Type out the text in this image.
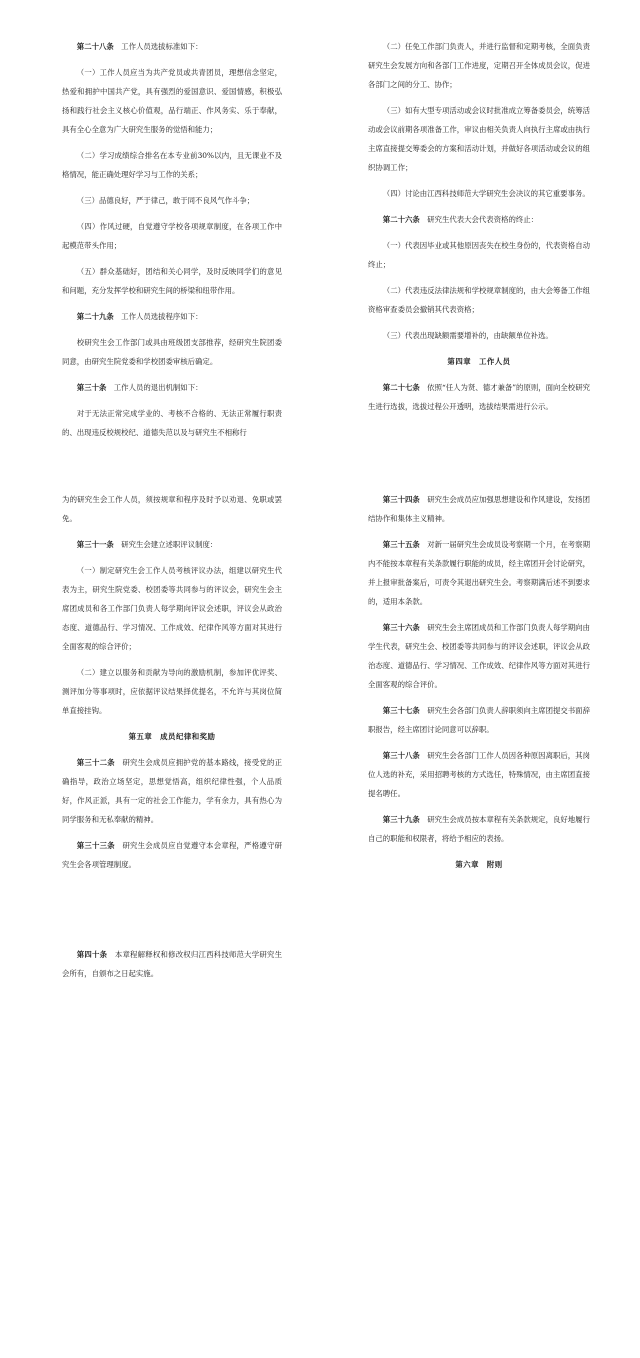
第二十八条　 工作人员选拔标准如下：

（一）工作人员应当为共产党员或共青团员，理想信念坚定，热爱和拥护中国共产党，具有强烈的爱国意识、爱国情感，积极弘扬和践行社会主义核心价值观，品行端正、作风务实、乐于奉献，具有全心全意为广大研究生服务的觉悟和能力；

（二）学习成绩综合排名在本专业前30%以内，且无课业不及格情况，能正确处理好学习与工作的关系；

（三）品德良好，严于律己，敢于同不良风气作斗争；

（四）作风过硬，自觉遵守学校各项规章制度，在各项工作中起模范带头作用；

（五）群众基础好，团结和关心同学，及时反映同学们的意见和问题，充分发挥学校和研究生间的桥梁和纽带作用。

第二十九条　 工作人员选拔程序如下：

校研究生会工作部门或具由班级团支部推荐，经研究生院团委同意，由研究生院党委和学校团委审核后确定。

第三十条　 工作人员的退出机制如下：

对于无法正常完成学业的、考核不合格的、无法正常履行职责的、出现违反校规校纪、道德失范以及与研究生不相称行

（二）任免工作部门负责人，并进行监督和定期考核，全面负责研究生会发展方向和各部门工作进度，定期召开全体成员会议，促进各部门之间的分工、协作；

（三）如有大型专项活动或会议时批准成立筹备委员会，统筹活动或会议前期各项准备工作，审议由相关负责人向执行主席或由执行主席直接提交筹委会的方案和活动计划，并做好各项活动或会议的组织协调工作；

（四）讨论由江西科技师范大学研究生会决议的其它重要事务。

第二十六条　 研究生代表大会代表资格的终止：

（一）代表因毕业或其他原因丧失在校生身份的，代表资格自动终止；

（二）代表违反法律法规和学校规章制度的，由大会筹备工作组资格审查委员会撤销其代表资格；

（三）代表出现缺额需要增补的，由缺额单位补选。

第四章　工作人员

第二十七条　 依照“任人为贤、德才兼备”的原则，面向全校研究生进行选拔，选拔过程公开透明，选拔结果需进行公示。

为的研究生会工作人员，须按规章和程序及时予以劝退、免职或罢免。

第三十一条　 研究生会建立述职评议制度：

（一）制定研究生会工作人员考核评议办法，组建以研究生代表为主，研究生院党委、校团委等共同参与的评议会，研究生会主席团成员和各工作部门负责人每学期向评议会述职，评议会从政治态度、道德品行、学习情况、工作成效、纪律作风等方面对其进行全面客观的综合评价；

（二）建立以服务和贡献为导向的激励机制，参加评优评奖、测评加分等事项时，应依据评议结果择优提名，不允许与其岗位简单直接挂钩。

第五章　成员纪律和奖励

第三十二条　 研究生会成员应拥护党的基本路线，接受党的正确指导，政治立场坚定，思想觉悟高，组织纪律性强，个人品质好，作风正派，具有一定的社会工作能力，学有余力，具有热心为同学服务和无私奉献的精神。

第三十三条　 研究生会成员应自觉遵守本会章程，严格遵守研究生会各项管理制度。

第三十四条　 研究生会成员应加强思想建设和作风建设，发扬团结协作和集体主义精神。

第三十五条　 对新一届研究生会成员设考察期一个月，在考察期内不能按本章程有关条款履行职能的成员，经主席团开会讨论研究，并上报审批备案后，可责令其退出研究生会。考察期满后述不到要求的，适用本条款。

第三十六条　 研究生会主席团成员和工作部门负责人每学期向由学生代表，研究生会、校团委等共同参与的评议会述职，评议会从政治态度、道德品行、学习情况、工作成效、纪律作风等方面对其进行全面客观的综合评价。

第三十七条　 研究生会各部门负责人辞职须向主席团提交书面辞职报告，经主席团讨论同意可以辞职。

第三十八条　 研究生会各部门工作人员因各种原因离职后，其岗位人选的补充，采用招聘考核的方式选任，特殊情况，由主席团直接提名聘任。

第三十九条　 研究生会成员按本章程有关条款规定，良好地履行自己的职能和权限者，将给予相应的表扬。

第六章　附则

第四十条　 本章程解释权和修改权归江西科技师范大学研究生会所有，自颁布之日起实施。
